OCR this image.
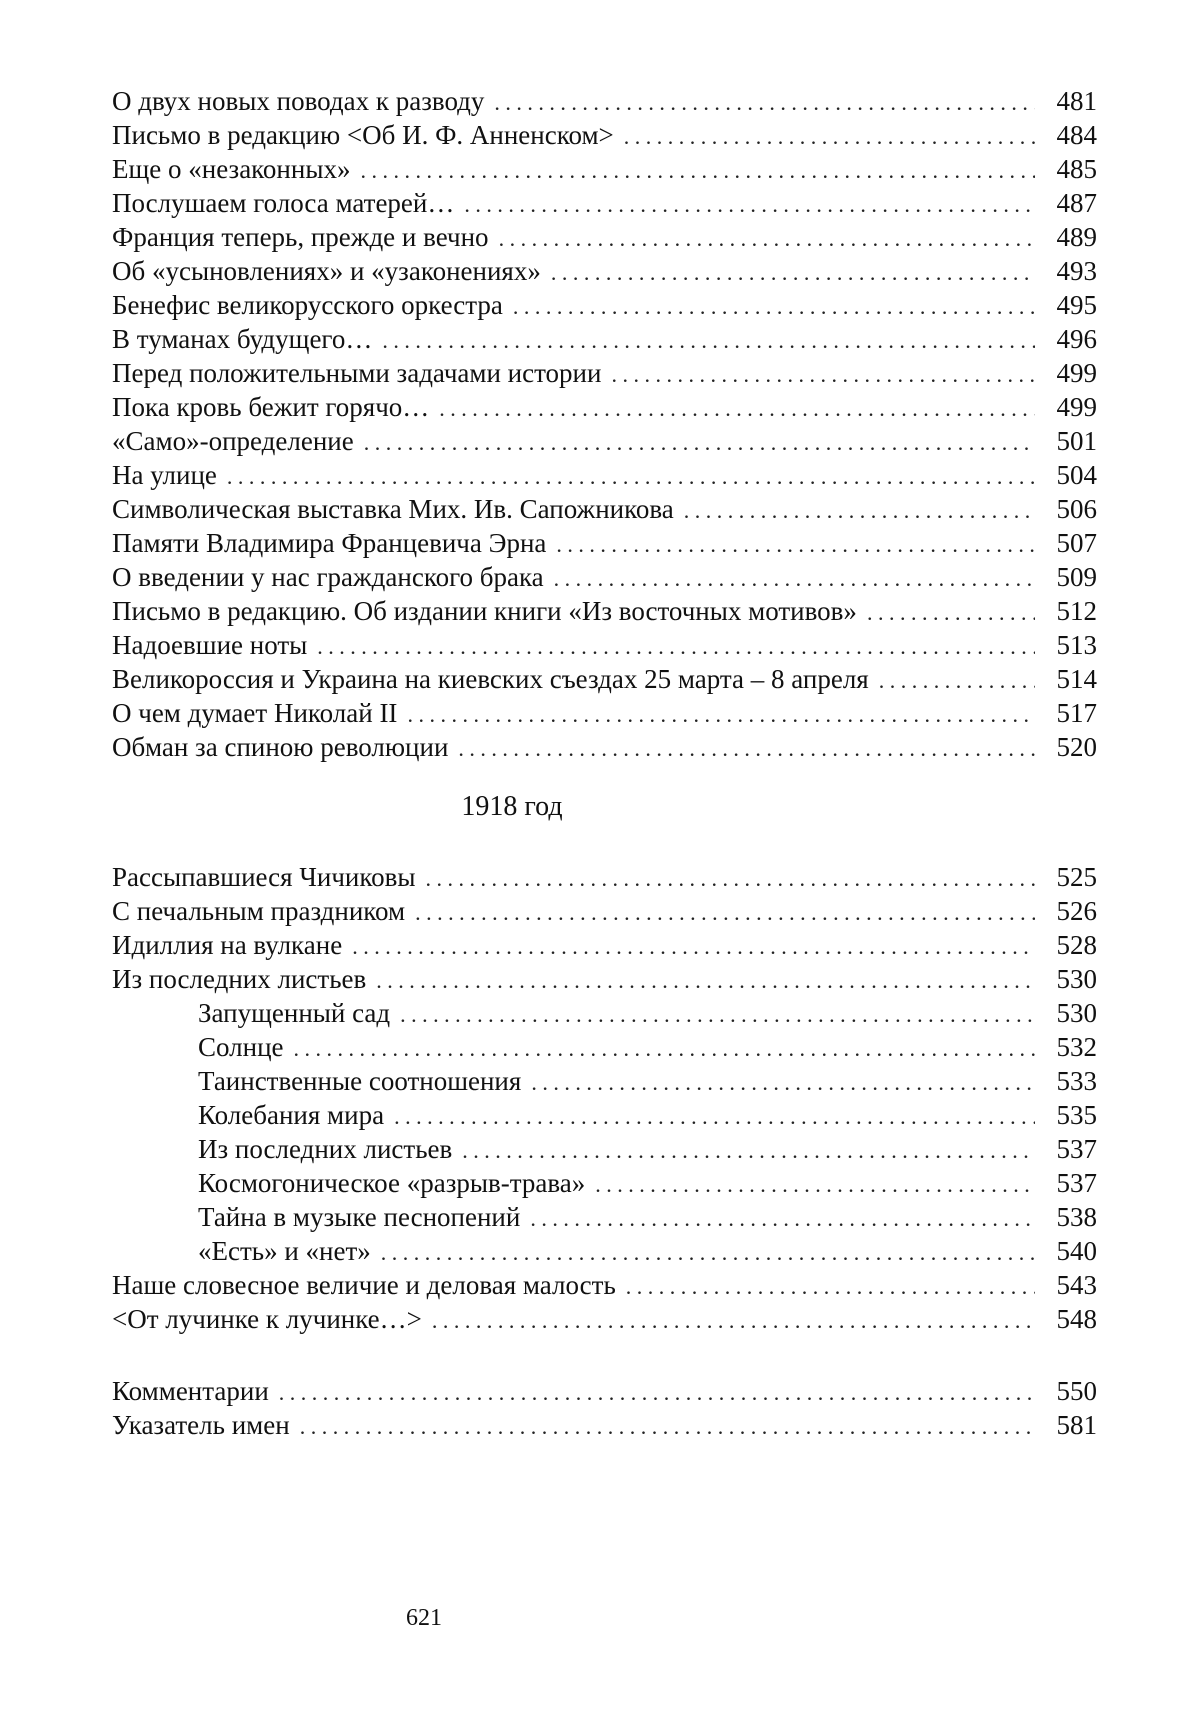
О двух новых поводах к разводу . . .	481
Письмо в редакцию <Об И. Ф. Анненском> . . .	484
Еще о «незаконных» . . .	485
Послушаем голоса матерей… . . .	487
Франция теперь, прежде и вечно . . .	489
Об «усыновлениях» и «узаконениях» . . .	493
Бенефис великорусского оркестра . . .	495
В туманах будущего… . . .	496
Перед положительными задачами истории . . .	499
Пока кровь бежит горячо… . . .	499
«Само»-определение . . .	501
На улице . . .	504
Символическая выставка Мих. Ив. Сапожникова . . .	506
Памяти Владимира Францевича Эрна . . .	507
О введении у нас гражданского брака . . .	509
Письмо в редакцию. Об издании книги «Из восточных мотивов» . . .	512
Надоевшие ноты . . .	513
Великороссия и Украина на киевских съездах 25 марта – 8 апреля . . .	514
О чем думает Николай II . . .	517
Обман за спиною революции . . .	520
1918 год
Рассыпавшиеся Чичиковы . . .	525
С печальным праздником . . .	526
Идиллия на вулкане . . .	528
Из последних листьев . . .	530
Запущенный сад . . .	530
Солнце . . .	532
Таинственные соотношения . . .	533
Колебания мира . . .	535
Из последних листьев . . .	537
Космогоническое «разрыв-трава» . . .	537
Тайна в музыке песнопений . . .	538
«Есть» и «нет» . . .	540
Наше словесное величие и деловая малость . . .	543
<От лучинке к лучинке…> . . .	548
Комментарии . . .	550
Указатель имен . . .	581
621
